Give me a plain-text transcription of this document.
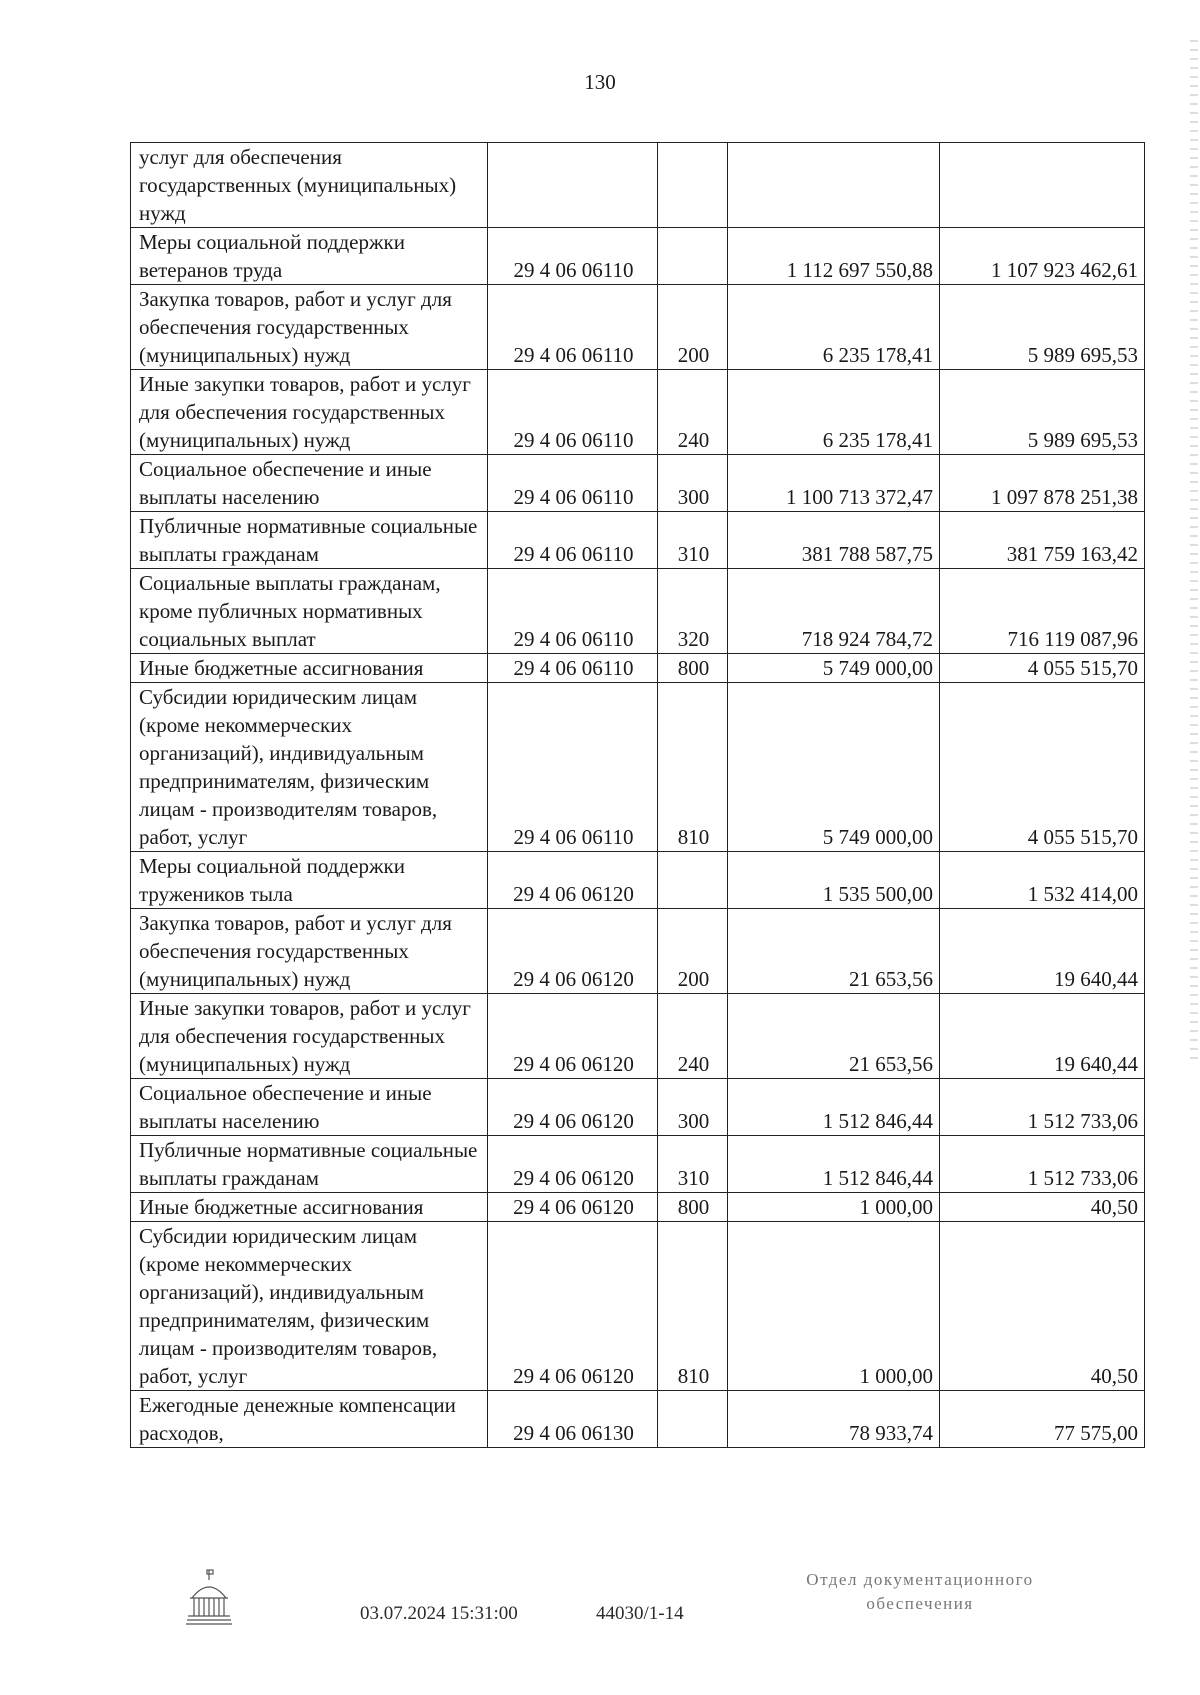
130
услуг для обеспечения государственных (муниципальных) нужд				
Меры социальной поддержки ветеранов труда	29 4 06 06110		1 112 697 550,88	1 107 923 462,61
Закупка товаров, работ и услуг для обеспечения государственных (муниципальных) нужд	29 4 06 06110	200	6 235 178,41	5 989 695,53
Иные закупки товаров, работ и услуг для обеспечения государственных (муниципальных) нужд	29 4 06 06110	240	6 235 178,41	5 989 695,53
Социальное обеспечение и иные выплаты населению	29 4 06 06110	300	1 100 713 372,47	1 097 878 251,38
Публичные нормативные социальные выплаты гражданам	29 4 06 06110	310	381 788 587,75	381 759 163,42
Социальные выплаты гражданам, кроме публичных нормативных социальных выплат	29 4 06 06110	320	718 924 784,72	716 119 087,96
Иные бюджетные ассигнования	29 4 06 06110	800	5 749 000,00	4 055 515,70
Субсидии юридическим лицам (кроме некоммерческих организаций), индивидуальным предпринимателям, физическим лицам - производителям товаров, работ, услуг	29 4 06 06110	810	5 749 000,00	4 055 515,70
Меры социальной поддержки тружеников тыла	29 4 06 06120		1 535 500,00	1 532 414,00
Закупка товаров, работ и услуг для обеспечения государственных (муниципальных) нужд	29 4 06 06120	200	21 653,56	19 640,44
Иные закупки товаров, работ и услуг для обеспечения государственных (муниципальных) нужд	29 4 06 06120	240	21 653,56	19 640,44
Социальное обеспечение и иные выплаты населению	29 4 06 06120	300	1 512 846,44	1 512 733,06
Публичные нормативные социальные выплаты гражданам	29 4 06 06120	310	1 512 846,44	1 512 733,06
Иные бюджетные ассигнования	29 4 06 06120	800	1 000,00	40,50
Субсидии юридическим лицам (кроме некоммерческих организаций), индивидуальным предпринимателям, физическим лицам - производителям товаров, работ, услуг	29 4 06 06120	810	1 000,00	40,50
Ежегодные денежные компенсации расходов,	29 4 06 06130		78 933,74	77 575,00
03.07.2024 15:31:00	44030/1-14
Отдел документационного
обеспечения
